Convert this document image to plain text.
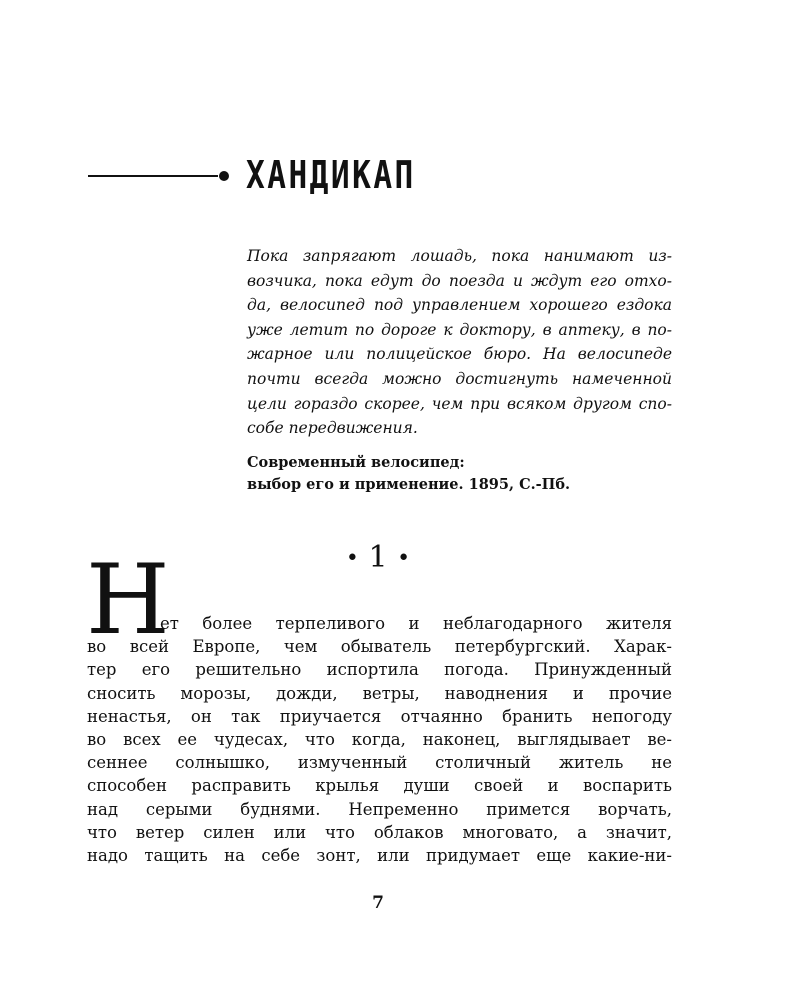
ХАНДИКАП
Пока запрягают лошадь, пока нанимают из-
возчика, пока едут до поезда и ждут его отхо-
да, велосипед под управлением хорошего ездока
уже летит по дороге к доктору, в аптеку, в по-
жарное или полицейское бюро. На велосипеде
почти всегда можно достигнуть намеченной
цели гораздо скорее, чем при всяком другом спо-
собе передвижения.
Современный велосипед:
выбор его и применение. 1895, С.-Пб.
• 1 •
Н
ет более терпеливого и неблагодарного жителя
во всей Европе, чем обыватель петербургский. Харак-
тер его решительно испортила погода. Принужденный
сносить морозы, дожди, ветры, наводнения и прочие
ненастья, он так приучается отчаянно бранить непогоду
во всех ее чудесах, что когда, наконец, выглядывает ве-
сеннее солнышко, измученный столичный житель не
способен расправить крылья души своей и воспарить
над серыми буднями. Непременно примется ворчать,
что ветер силен или что облаков многовато, а значит,
надо тащить на себе зонт, или придумает еще какие-ни-
7
